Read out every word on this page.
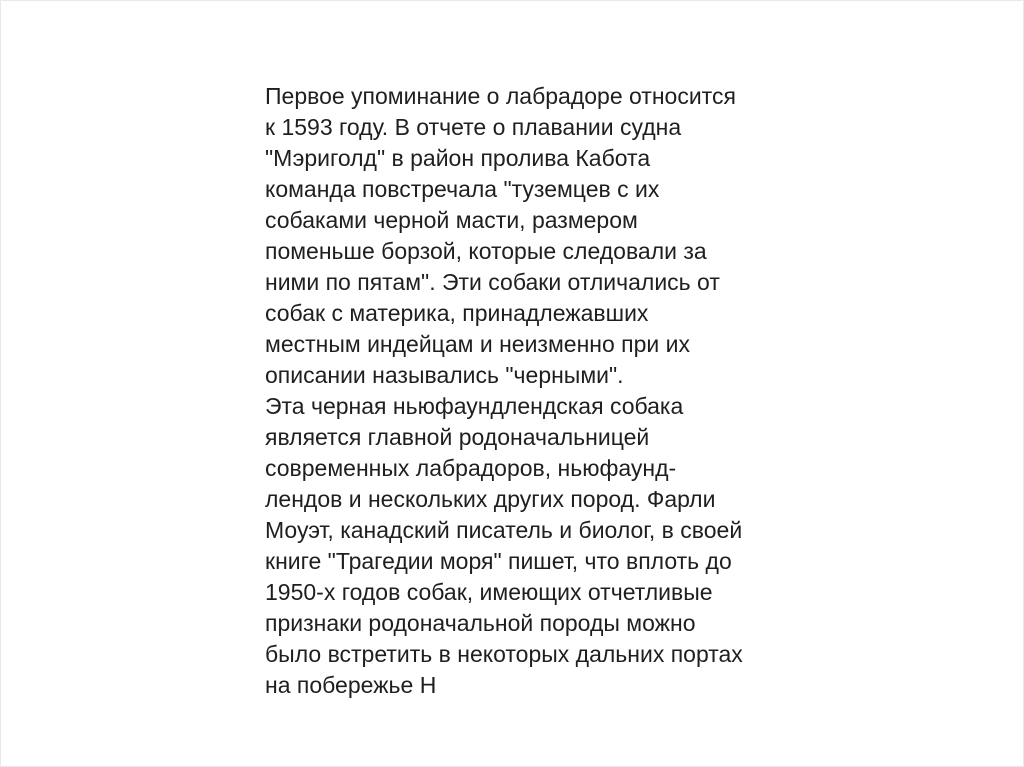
Первое упоминание о лабрадоре относится
к 1593 году. В отчете о плавании судна
"Мэриголд" в район пролива Кабота
команда повстречала "туземцев с их
собаками черной масти, размером
поменьше борзой, которые следовали за
ними по пятам". Эти собаки отличались от
собак с материка, принадлежавших
местным индейцам и неизменно при их
описании назывались "черными".
Эта черная ньюфаундлендская собака
является главной родоначальницей
современных лабрадоров, ньюфаунд-
лендов и нескольких других пород. Фарли
Моуэт, канадский писатель и биолог, в своей
книге "Трагедии моря" пишет, что вплоть до
1950-х годов собак, имеющих отчетливые
признаки родоначальной породы можно
было встретить в некоторых дальних портах
на побережье Н
